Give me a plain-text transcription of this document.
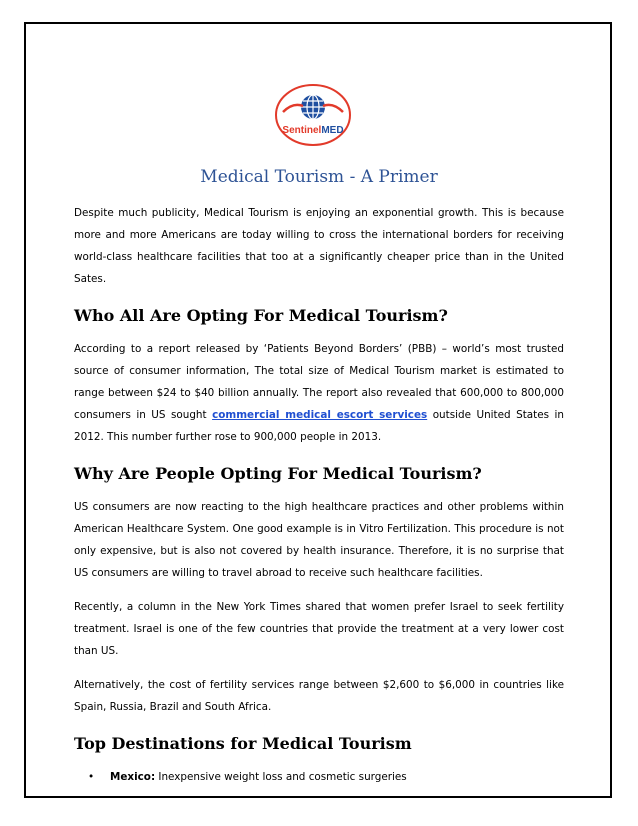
SentinelMED
Medical Tourism - A Primer

Despite much publicity, Medical Tourism is enjoying an exponential growth. This is because more and more Americans are today willing to cross the international borders for receiving world-class healthcare facilities that too at a significantly cheaper price than in the United Sates.

Who All Are Opting For Medical Tourism?

According to a report released by ‘Patients Beyond Borders’ (PBB) – world’s most trusted source of consumer information, The total size of Medical Tourism market is estimated to range between $24 to $40 billion annually. The report also revealed that 600,000 to 800,000 consumers in US sought commercial medical escort services outside United States in 2012. This number further rose to 900,000 people in 2013.

Why Are People Opting For Medical Tourism?

US consumers are now reacting to the high healthcare practices and other problems within American Healthcare System. One good example is in Vitro Fertilization. This procedure is not only expensive, but is also not covered by health insurance. Therefore, it is no surprise that US consumers are willing to travel abroad to receive such healthcare facilities.

Recently, a column in the New York Times shared that women prefer Israel to seek fertility treatment. Israel is one of the few countries that provide the treatment at a very lower cost than US.

Alternatively, the cost of fertility services range between $2,600 to $6,000 in countries like Spain, Russia, Brazil and South Africa.

Top Destinations for Medical Tourism
• Mexico: Inexpensive weight loss and cosmetic surgeries
